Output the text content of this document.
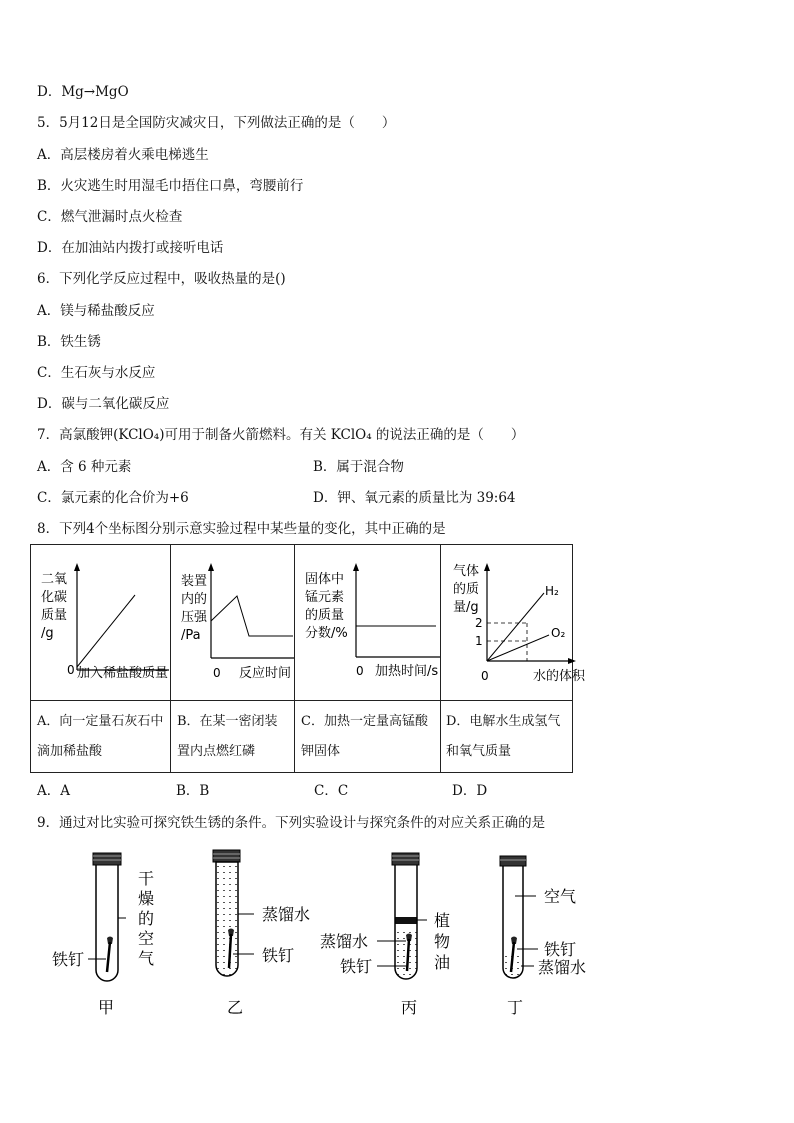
D．Mg→MgO
5．5月12日是全国防灾减灾日，下列做法正确的是（　　）
A．高层楼房着火乘电梯逃生
B．火灾逃生时用湿毛巾捂住口鼻，弯腰前行
C．燃气泄漏时点火检查
D．在加油站内拨打或接听电话
6．下列化学反应过程中，吸收热量的是()
A．镁与稀盐酸反应
B．铁生锈
C．生石灰与水反应
D．碳与二氧化碳反应
7．高氯酸钾(KClO₄)可用于制备火箭燃料。有关 KClO₄ 的说法正确的是（　　）
A．含 6 种元素	B．属于混合物
C．氯元素的化合价为+6	D．钾、氧元素的质量比为 39:64
8．下列4个坐标图分别示意实验过程中某些量的变化，其中正确的是
二氧
化碳
质量
/g
0 加入稀盐酸质量
装置
内的
压强
/Pa
0 反应时间
固体中
锰元素
的质量
分数/%
0 加热时间/s
气体
的质
量/g
2
1
H₂
O₂
0	水的体积
A．向一定量石灰石中滴加稀盐酸
B．在某一密闭装置内点燃红磷
C．加热一定量高锰酸钾固体
D．电解水生成氢气和氧气质量
A．A	B．B	C．C	D．D
9．通过对比实验可探究铁生锈的条件。下列实验设计与探究条件的对应关系正确的是
干
燥
的
空
气
铁钉
甲
蒸馏水
铁钉
乙
植
物
油
蒸馏水
铁钉
丙
空气
铁钉
蒸馏水
丁
